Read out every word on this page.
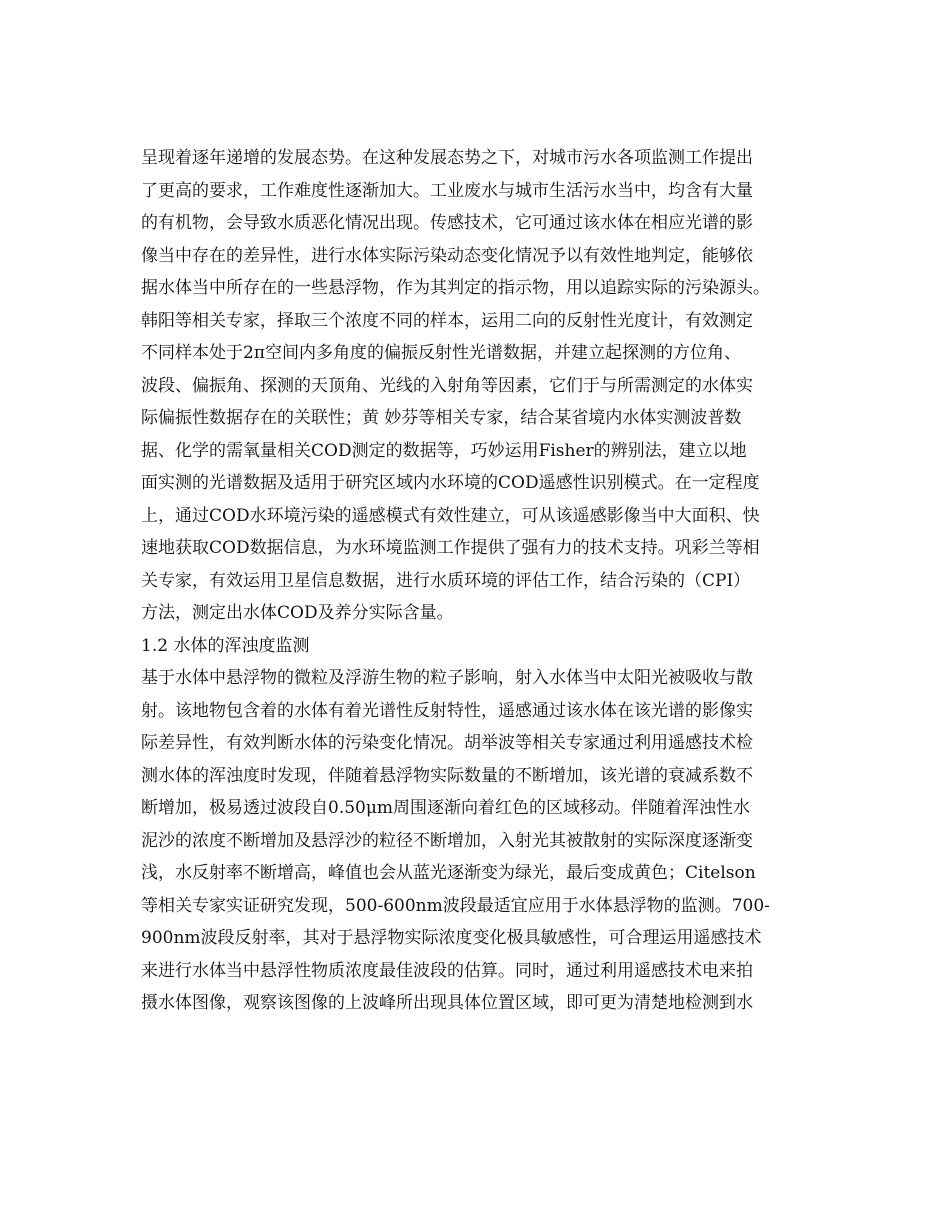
呈现着逐年递增的发展态势。在这种发展态势之下，对城市污水各项监测工作提出
了更高的要求，工作难度性逐渐加大。工业废水与城市生活污水当中，均含有大量
的有机物，会导致水质恶化情况出现。传感技术，它可通过该水体在相应光谱的影
像当中存在的差异性，进行水体实际污染动态变化情况予以有效性地判定，能够依
据水体当中所存在的一些悬浮物，作为其判定的指示物，用以追踪实际的污染源头。
韩阳等相关专家，择取三个浓度不同的样本，运用二向的反射性光度计，有效测定
不同样本处于2π空间内多角度的偏振反射性光谱数据，并建立起探测的方位角、
波段、偏振角、探测的天顶角、光线的入射角等因素，它们于与所需测定的水体实
际偏振性数据存在的关联性；黄 妙芬等相关专家，结合某省境内水体实测波普数
据、化学的需氧量相关COD测定的数据等，巧妙运用Fisher的辨别法，建立以地
面实测的光谱数据及适用于研究区域内水环境的COD遥感性识别模式。在一定程度
上，通过COD水环境污染的遥感模式有效性建立，可从该遥感影像当中大面积、快
速地获取COD数据信息，为水环境监测工作提供了强有力的技术支持。巩彩兰等相
关专家，有效运用卫星信息数据，进行水质环境的评估工作，结合污染的（CPI）
方法，测定出水体COD及养分实际含量。
1.2 水体的浑浊度监测
基于水体中悬浮物的微粒及浮游生物的粒子影响，射入水体当中太阳光被吸收与散
射。该地物包含着的水体有着光谱性反射特性，遥感通过该水体在该光谱的影像实
际差异性，有效判断水体的污染变化情况。胡举波等相关专家通过利用遥感技术检
测水体的浑浊度时发现，伴随着悬浮物实际数量的不断增加，该光谱的衰减系数不
断增加，极易透过波段自0.50μm周围逐渐向着红色的区域移动。伴随着浑浊性水
泥沙的浓度不断增加及悬浮沙的粒径不断增加，入射光其被散射的实际深度逐渐变
浅，水反射率不断增高，峰值也会从蓝光逐渐变为绿光，最后变成黄色；Citelson
等相关专家实证研究发现，500-600nm波段最适宜应用于水体悬浮物的监测。700-
900nm波段反射率，其对于悬浮物实际浓度变化极具敏感性，可合理运用遥感技术
来进行水体当中悬浮性物质浓度最佳波段的估算。同时，通过利用遥感技术电来拍
摄水体图像，观察该图像的上波峰所出现具体位置区域，即可更为清楚地检测到水
